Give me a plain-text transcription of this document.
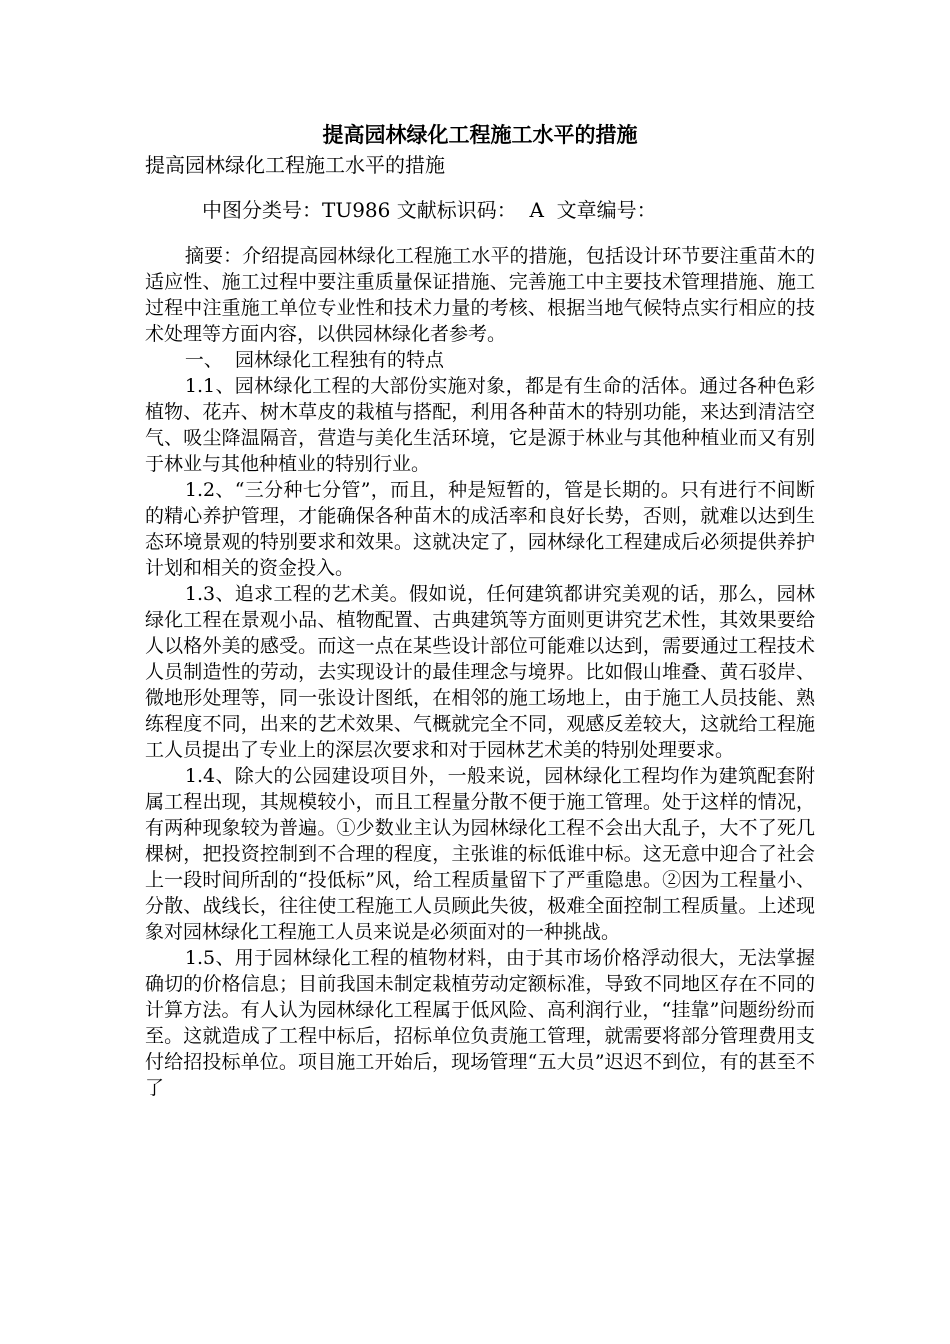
提高园林绿化工程施工水平的措施

提高园林绿化工程施工水平的措施

中图分类号：TU986 文献标识码：  A  文章编号：

摘要：介绍提高园林绿化工程施工水平的措施，包括设计环节要注重苗木的适应性、施工过程中要注重质量保证措施、完善施工中主要技术管理措施、施工过程中注重施工单位专业性和技术力量的考核、根据当地气候特点实行相应的技术处理等方面内容，以供园林绿化者参考。

一、  园林绿化工程独有的特点

1.1、园林绿化工程的大部份实施对象，都是有生命的活体。通过各种色彩植物、花卉、树木草皮的栽植与搭配，利用各种苗木的特别功能，来达到清洁空气、吸尘降温隔音，营造与美化生活环境，它是源于林业与其他种植业而又有别于林业与其他种植业的特别行业。

1.2、“三分种七分管”，而且，种是短暂的，管是长期的。只有进行不间断的精心养护管理，才能确保各种苗木的成活率和良好长势，否则，就难以达到生态环境景观的特别要求和效果。这就决定了，园林绿化工程建成后必须提供养护计划和相关的资金投入。

1.3、追求工程的艺术美。假如说，任何建筑都讲究美观的话，那么，园林绿化工程在景观小品、植物配置、古典建筑等方面则更讲究艺术性，其效果要给人以格外美的感受。而这一点在某些设计部位可能难以达到，需要通过工程技术人员制造性的劳动，去实现设计的最佳理念与境界。比如假山堆叠、黄石驳岸、微地形处理等，同一张设计图纸，在相邻的施工场地上，由于施工人员技能、熟练程度不同，出来的艺术效果、气概就完全不同，观感反差较大，这就给工程施工人员提出了专业上的深层次要求和对于园林艺术美的特别处理要求。

1.4、除大的公园建设项目外，一般来说，园林绿化工程均作为建筑配套附属工程出现，其规模较小，而且工程量分散不便于施工管理。处于这样的情况，有两种现象较为普遍。①少数业主认为园林绿化工程不会出大乱子，大不了死几棵树，把投资控制到不合理的程度，主张谁的标低谁中标。这无意中迎合了社会上一段时间所刮的“投低标”风，给工程质量留下了严重隐患。②因为工程量小、分散、战线长，往往使工程施工人员顾此失彼，极难全面控制工程质量。上述现象对园林绿化工程施工人员来说是必须面对的一种挑战。

1.5、用于园林绿化工程的植物材料，由于其市场价格浮动很大，无法掌握确切的价格信息；目前我国未制定栽植劳动定额标准，导致不同地区存在不同的计算方法。有人认为园林绿化工程属于低风险、高利润行业，“挂靠”问题纷纷而至。这就造成了工程中标后，招标单位负责施工管理，就需要将部分管理费用支付给招投标单位。项目施工开始后，现场管理“五大员”迟迟不到位，有的甚至不了
